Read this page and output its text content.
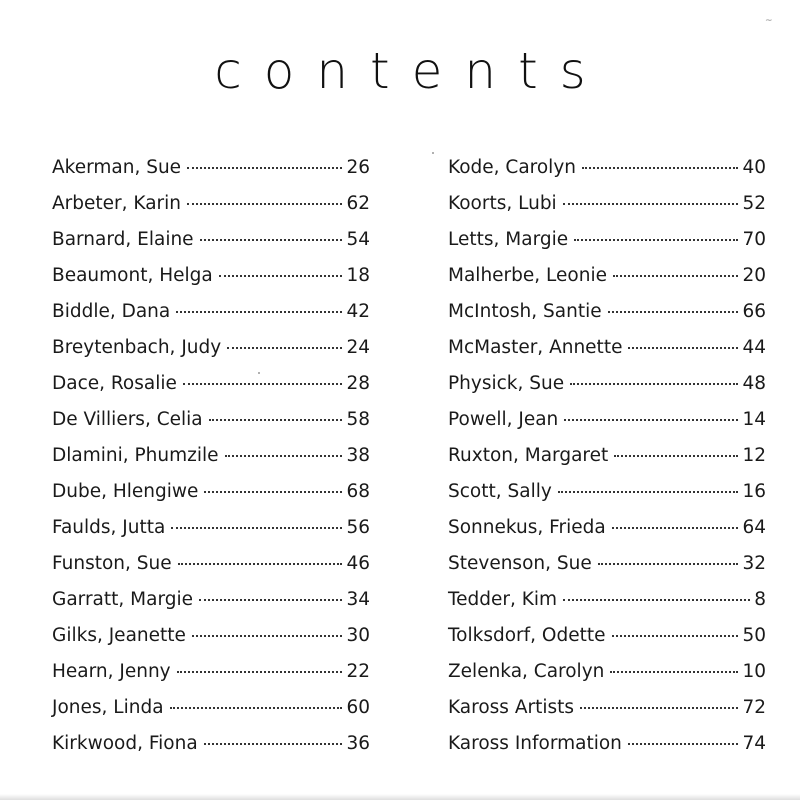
~
contents
Akerman, Sue	26
Arbeter, Karin	62
Barnard, Elaine	54
Beaumont, Helga	18
Biddle, Dana	42
Breytenbach, Judy	24
Dace, Rosalie	28
De Villiers, Celia	58
Dlamini, Phumzile	38
Dube, Hlengiwe	68
Faulds, Jutta	56
Funston, Sue	46
Garratt, Margie	34
Gilks, Jeanette	30
Hearn, Jenny	22
Jones, Linda	60
Kirkwood, Fiona	36
Kode, Carolyn	40
Koorts, Lubi	52
Letts, Margie	70
Malherbe, Leonie	20
McIntosh, Santie	66
McMaster, Annette	44
Physick, Sue	48
Powell, Jean	14
Ruxton, Margaret	12
Scott, Sally	16
Sonnekus, Frieda	64
Stevenson, Sue	32
Tedder, Kim	8
Tolksdorf, Odette	50
Zelenka, Carolyn	10
Kaross Artists	72
Kaross Information	74
